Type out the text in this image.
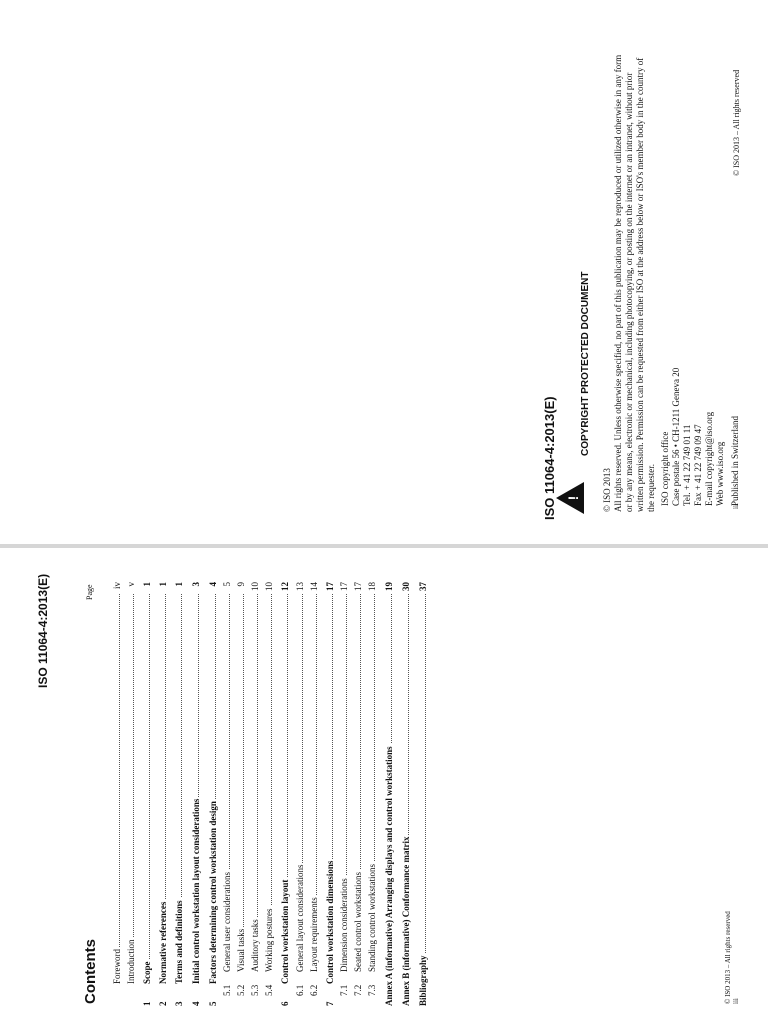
ISO 11064-4:2013(E) !
COPYRIGHT PROTECTED DOCUMENT

© ISO 2013 All rights reserved. Unless otherwise specified, no part of this publication may be reproduced or utilized otherwise in any form or by any means, electronic or mechanical, including photocopying, or posting on the internet or an intranet, without prior written permission. Permission can be requested from either ISO at the address below or ISO's member body in the country of the requester. ISO copyright office Case postale 56 • CH-1211 Geneva 20 Tel. + 41 22 749 01 11 Fax + 41 22 749 09 47 E-mail copyright@iso.org Web www.iso.org Published in Switzerland

ii
© ISO 2013 – All rights reserved
ISO 11064-4:2013(E)
Contents
Page
Foreword
iv
Introduction
v
1
Scope
1
2
Normative references
1
3
Terms and definitions
1
4
Initial control workstation layout considerations
3
5
Factors determining control workstation design
4
5.1
General user considerations
5
5.2
Visual tasks
9
5.3
Auditory tasks
10
5.4
Working postures
10
6
Control workstation layout
12
6.1
General layout considerations
13
6.2
Layout requirements
14
7
Control workstation dimensions
17
7.1
Dimension considerations
17
7.2
Seated control workstations
17
7.3
Standing control workstations
18
Annex A (informative) Arranging displays and control workstations
19
Annex B (informative) Conformance matrix
30
Bibliography
37
iii
© ISO 2013 – All rights reserved
